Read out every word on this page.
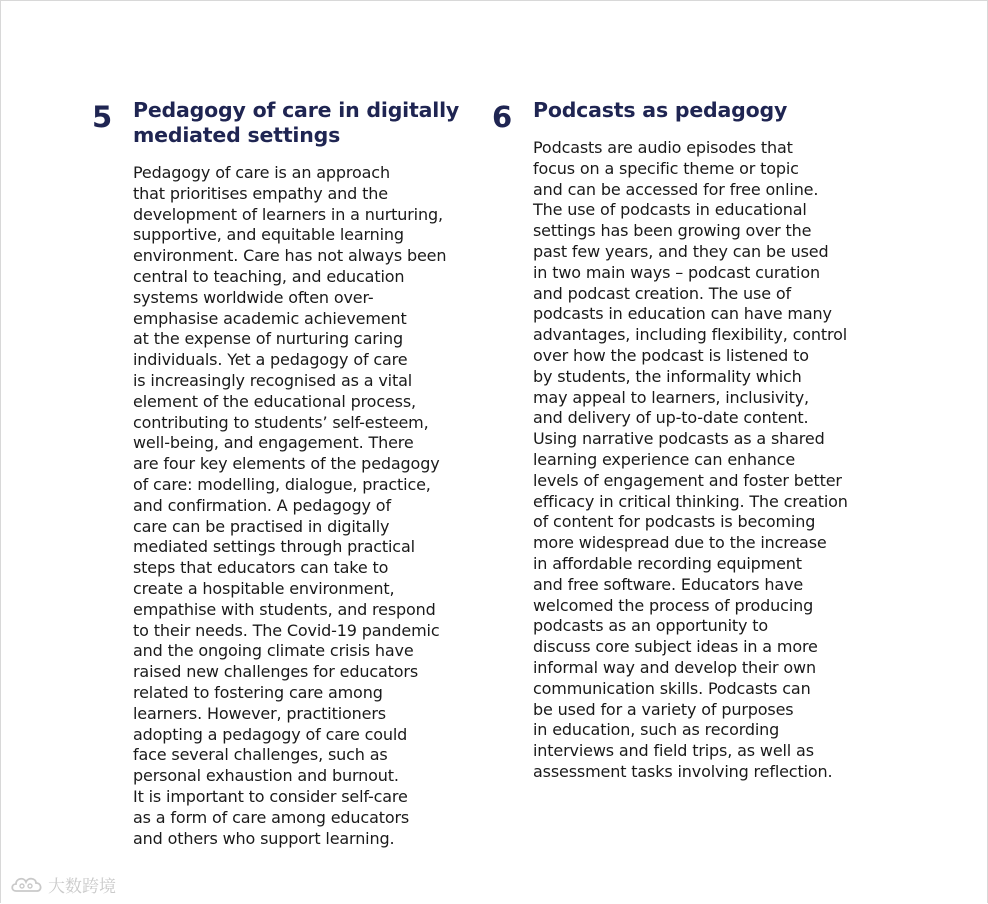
5 Pedagogy of care in digitally
mediated settings

Pedagogy of care is an approach
that prioritises empathy and the
development of learners in a nurturing,
supportive, and equitable learning
environment. Care has not always been
central to teaching, and education
systems worldwide often over-
emphasise academic achievement
at the expense of nurturing caring
individuals. Yet a pedagogy of care
is increasingly recognised as a vital
element of the educational process,
contributing to students’ self-esteem,
well-being, and engagement. There
are four key elements of the pedagogy
of care: modelling, dialogue, practice,
and confirmation. A pedagogy of
care can be practised in digitally
mediated settings through practical
steps that educators can take to
create a hospitable environment,
empathise with students, and respond
to their needs. The Covid-19 pandemic
and the ongoing climate crisis have
raised new challenges for educators
related to fostering care among
learners. However, practitioners
adopting a pedagogy of care could
face several challenges, such as
personal exhaustion and burnout.
It is important to consider self-care
as a form of care among educators
and others who support learning.

6 Podcasts as pedagogy

Podcasts are audio episodes that
focus on a specific theme or topic
and can be accessed for free online.
The use of podcasts in educational
settings has been growing over the
past few years, and they can be used
in two main ways – podcast curation
and podcast creation. The use of
podcasts in education can have many
advantages, including flexibility, control
over how the podcast is listened to
by students, the informality which
may appeal to learners, inclusivity,
and delivery of up-to-date content.
Using narrative podcasts as a shared
learning experience can enhance
levels of engagement and foster better
efficacy in critical thinking. The creation
of content for podcasts is becoming
more widespread due to the increase
in affordable recording equipment
and free software. Educators have
welcomed the process of producing
podcasts as an opportunity to
discuss core subject ideas in a more
informal way and develop their own
communication skills. Podcasts can
be used for a variety of purposes
in education, such as recording
interviews and field trips, as well as
assessment tasks involving reflection.

大数跨境
